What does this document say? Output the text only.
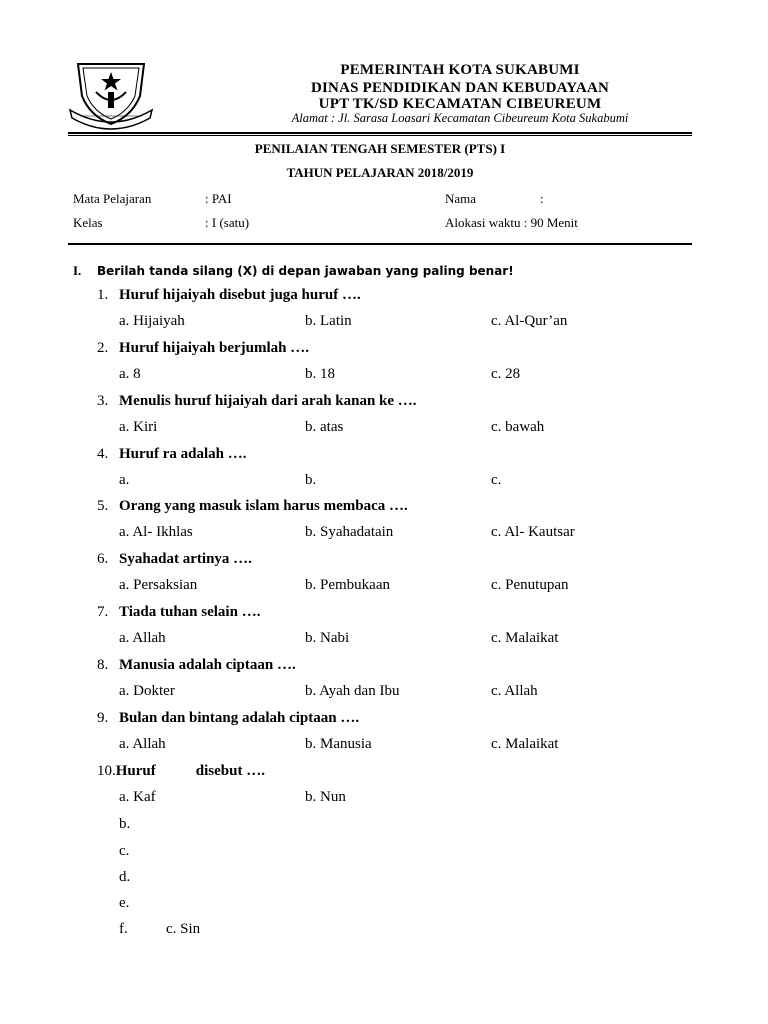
PEMERINTAH KOTA SUKABUMI
DINAS PENDIDIKAN DAN KEBUDAYAAN
UPT TK/SD KECAMATAN CIBEUREUM
Alamat : Jl. Sarasa Loasari Kecamatan Cibeureum Kota Sukabumi
PENILAIAN TENGAH SEMESTER (PTS) I
TAHUN PELAJARAN 2018/2019
Mata Pelajaran	: PAI	Nama	:
Kelas	: I (satu)	Alokasi waktu : 90 Menit
I. Berilah tanda silang (X) di depan jawaban yang paling benar!
1. Huruf hijaiyah disebut juga huruf ….
a. Hijaiyah	b. Latin	c. Al-Qur’an
2. Huruf hijaiyah berjumlah ….
a. 8	b. 18	c. 28
3. Menulis huruf hijaiyah dari arah kanan ke ….
a. Kiri	b. atas	c. bawah
4. Huruf ra adalah ….
a.	b.	c.
5. Orang yang masuk islam harus membaca ….
a. Al- Ikhlas	b. Syahadatain	c. Al- Kautsar
6. Syahadat artinya ….
a. Persaksian	b. Pembukaan	c. Penutupan
7. Tiada tuhan selain ….
a. Allah	b. Nabi	c. Malaikat
8. Manusia adalah ciptaan ….
a. Dokter	b. Ayah dan Ibu	c. Allah
9. Bulan dan bintang adalah ciptaan ….
a. Allah	b. Manusia	c. Malaikat
10.Huruf	disebut ….
a. Kaf	b. Nun
b.
c.
d.
e.
f.	c. Sin
